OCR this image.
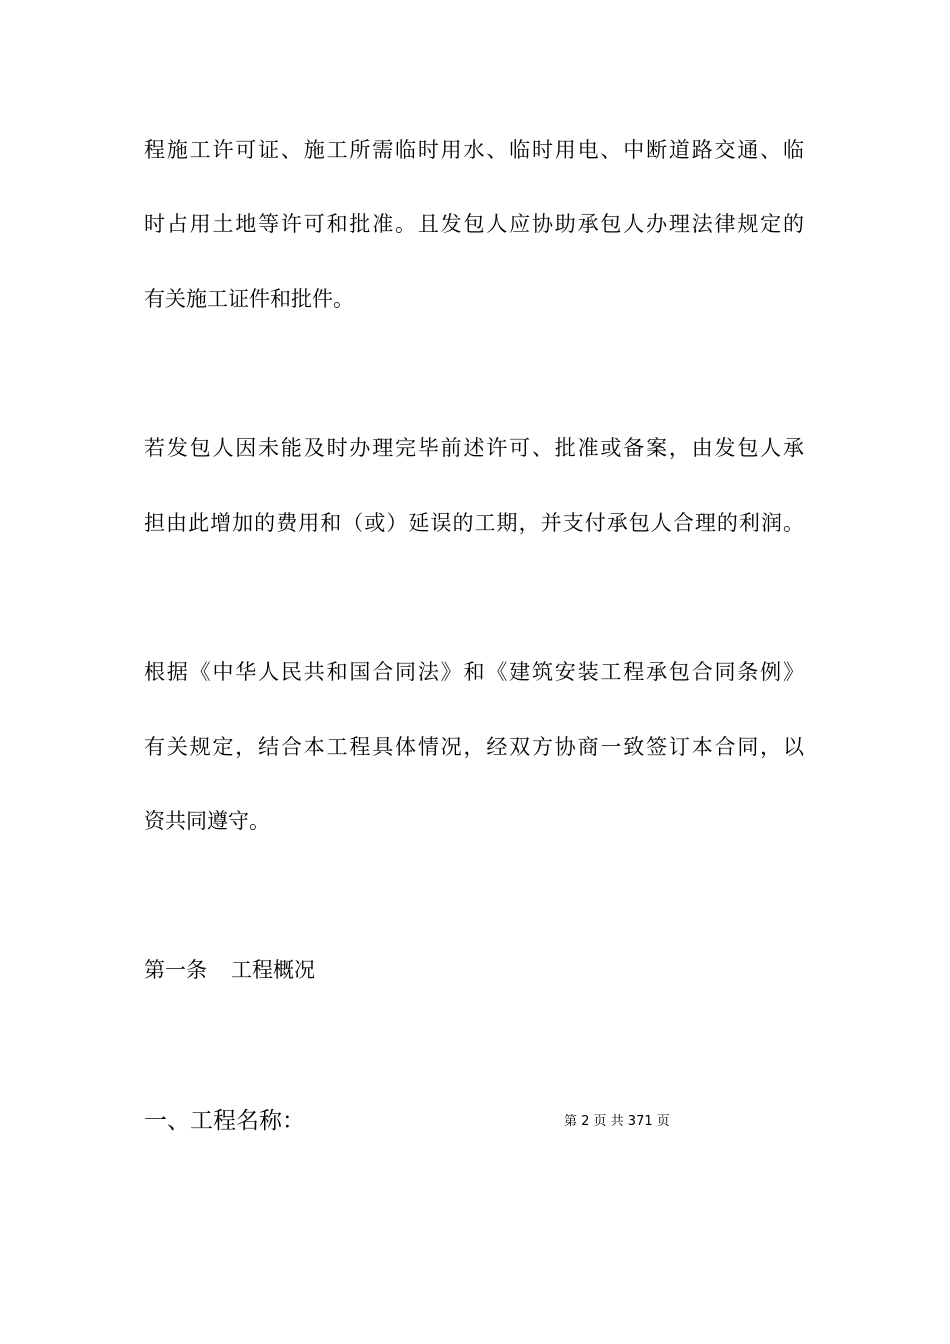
程施工许可证、施工所需临时用水、临时用电、中断道路交通、临
时占用土地等许可和批准。且发包人应协助承包人办理法律规定的
有关施工证件和批件。
若发包人因未能及时办理完毕前述许可、批准或备案，由发包人承
担由此增加的费用和（或）延误的工期，并支付承包人合理的利润。
根据《中华人民共和国合同法》和《建筑安装工程承包合同条例》
有关规定，结合本工程具体情况，经双方协商一致签订本合同，以
资共同遵守。
第一条 工程概况
一、工程名称：	第 2 页 共 371 页
